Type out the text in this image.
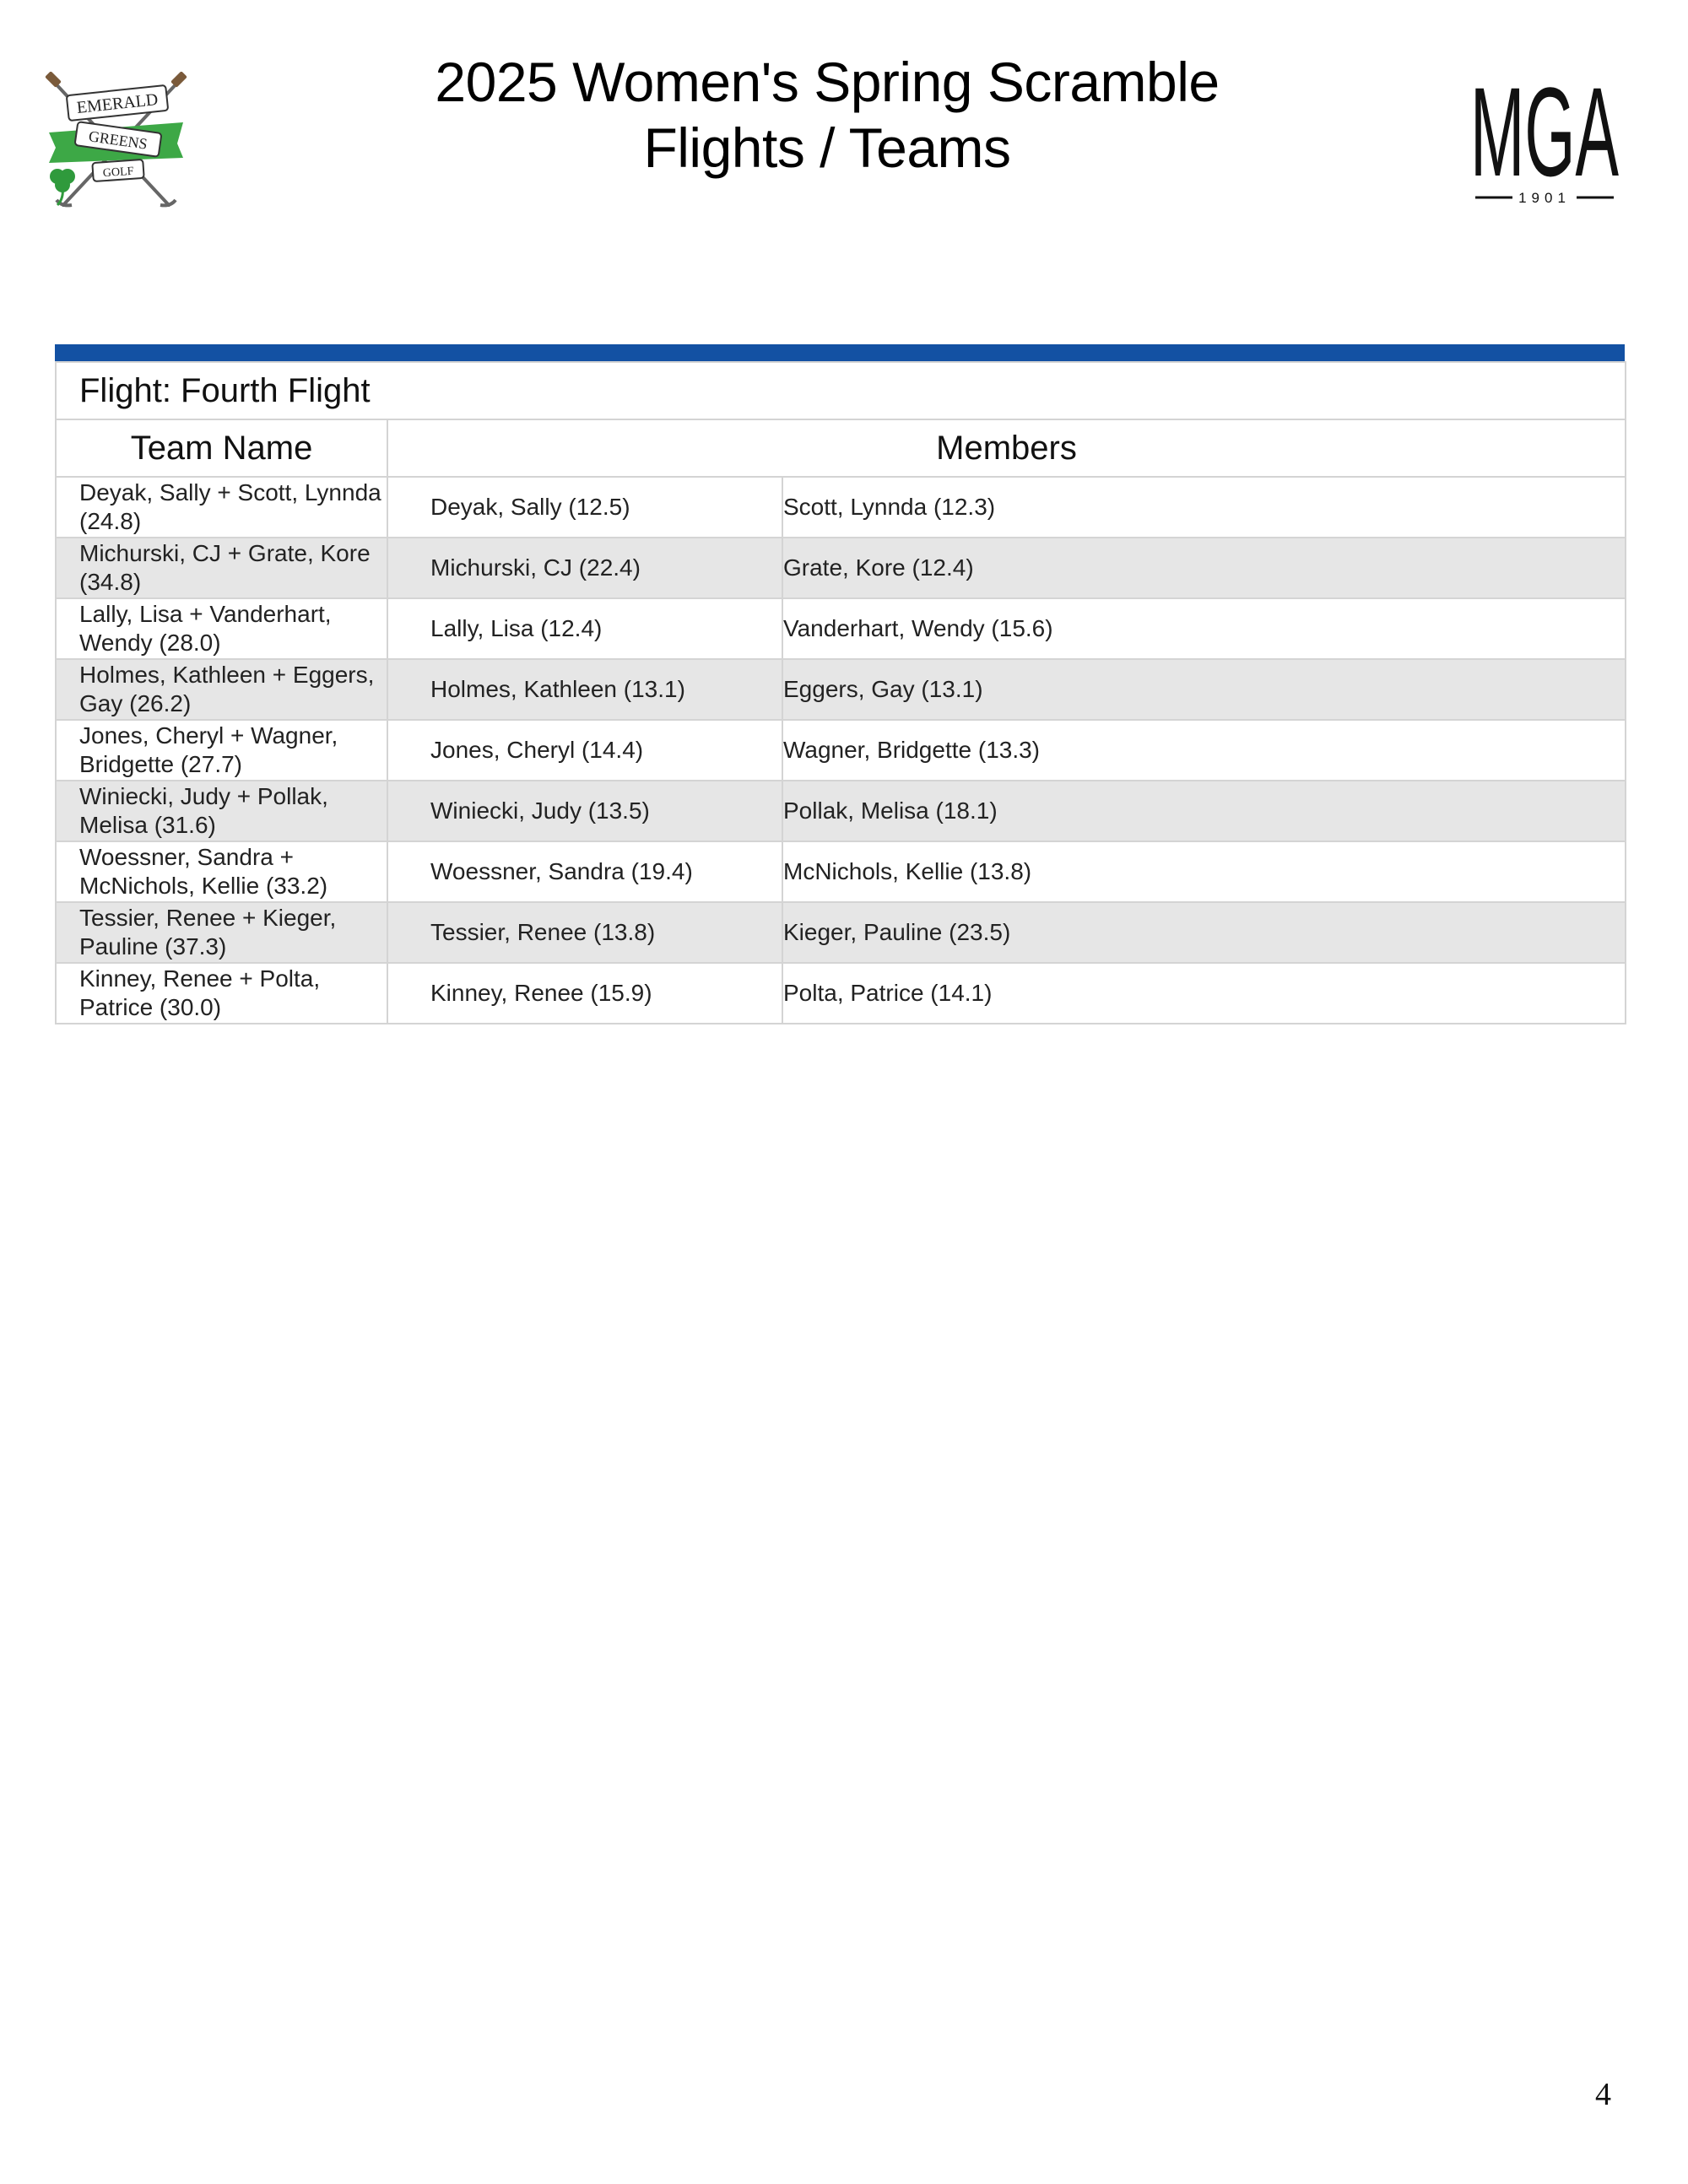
EMERALD
GREENS
GOLF
2025 Women's Spring Scramble
Flights / Teams	MGA
1901
Flight: Fourth Flight		
Team Name	Members	
Deyak, Sally + Scott, Lynnda (24.8)	Deyak, Sally (12.5)	Scott, Lynnda (12.3)
Michurski, CJ + Grate, Kore (34.8)	Michurski, CJ (22.4)	Grate, Kore (12.4)
Lally, Lisa + Vanderhart, Wendy (28.0)	Lally, Lisa (12.4)	Vanderhart, Wendy (15.6)
Holmes, Kathleen + Eggers, Gay (26.2)	Holmes, Kathleen (13.1)	Eggers, Gay (13.1)
Jones, Cheryl + Wagner, Bridgette (27.7)	Jones, Cheryl (14.4)	Wagner, Bridgette (13.3)
Winiecki, Judy + Pollak, Melisa (31.6)	Winiecki, Judy (13.5)	Pollak, Melisa (18.1)
Woessner, Sandra + McNichols, Kellie (33.2)	Woessner, Sandra (19.4)	McNichols, Kellie (13.8)
Tessier, Renee + Kieger, Pauline (37.3)	Tessier, Renee (13.8)	Kieger, Pauline (23.5)
Kinney, Renee + Polta, Patrice (30.0)	Kinney, Renee (15.9)	Polta, Patrice (14.1)
4
